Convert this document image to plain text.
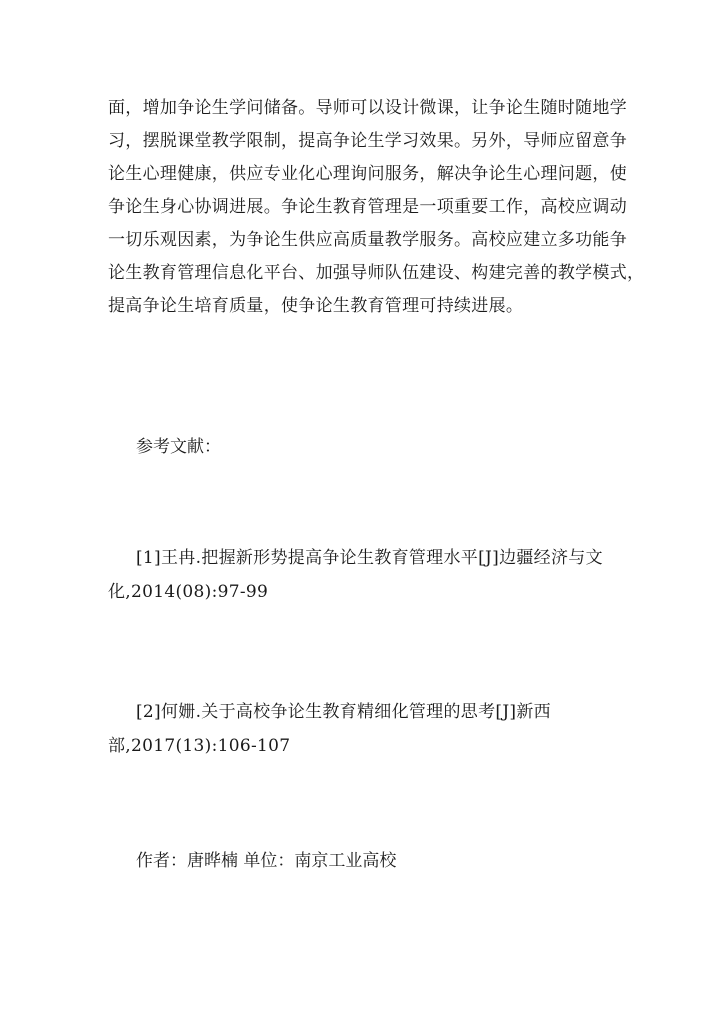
面，增加争论生学问储备。导师可以设计微课，让争论生随时随地学
习，摆脱课堂教学限制，提高争论生学习效果。另外，导师应留意争
论生心理健康，供应专业化心理询问服务，解决争论生心理问题，使
争论生身心协调进展。争论生教育管理是一项重要工作，高校应调动
一切乐观因素，为争论生供应高质量教学服务。高校应建立多功能争
论生教育管理信息化平台、加强导师队伍建设、构建完善的教学模式，
提高争论生培育质量，使争论生教育管理可持续进展。
参考文献：
[1]王冉.把握新形势提高争论生教育管理水平[J]边疆经济与文
化,2014(08):97-99
[2]何姗.关于高校争论生教育精细化管理的思考[J]新西
部,2017(13):106-107
作者：唐晔楠 单位：南京工业高校
